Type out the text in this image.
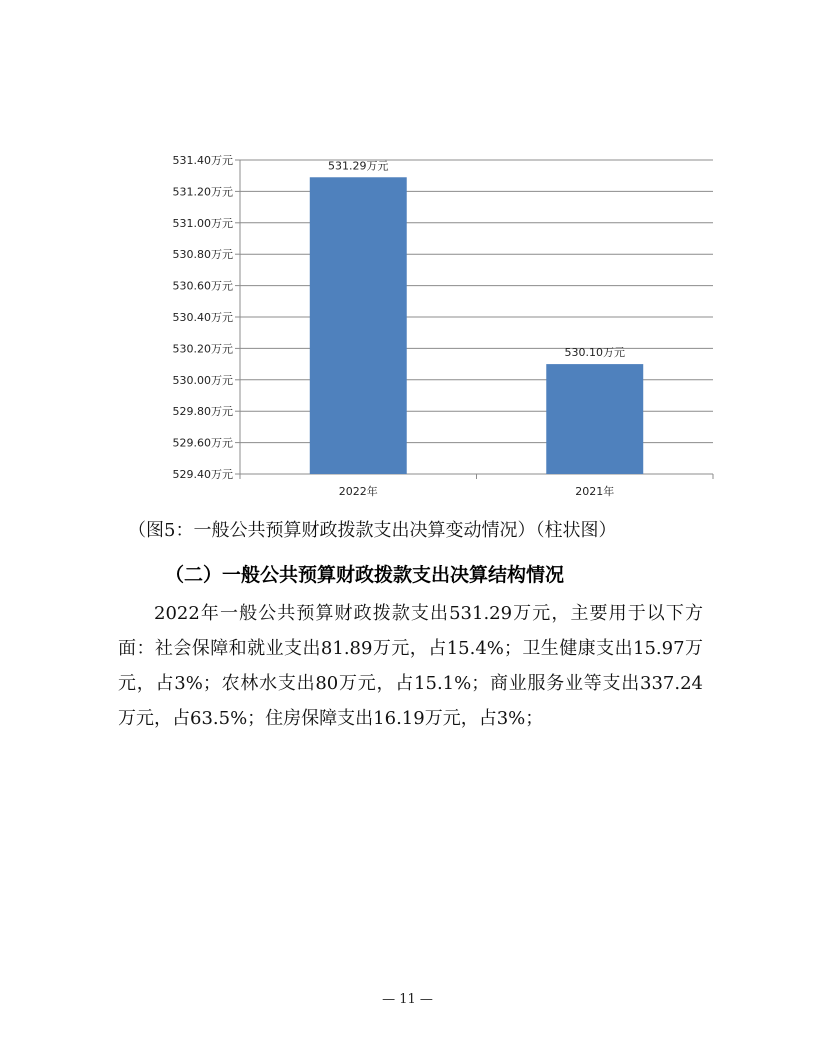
531.40万元
531.20万元
531.00万元
530.80万元
530.60万元
530.40万元
530.20万元
530.00万元
529.80万元
529.60万元
529.40万元
531.29万元
2022年
530.10万元
2021年
（图5：一般公共预算财政拨款支出决算变动情况）（柱状图）
（二）一般公共预算财政拨款支出决算结构情况

2022年一般公共预算财政拨款支出531.29万元，主要用于以下方面：社会保障和就业支出81.89万元，占15.4%；卫生健康支出15.97万元，占3%；农林水支出80万元，占15.1%；商业服务业等支出337.24万元，占63.5%；住房保障支出16.19万元，占3%；

— 11 —
